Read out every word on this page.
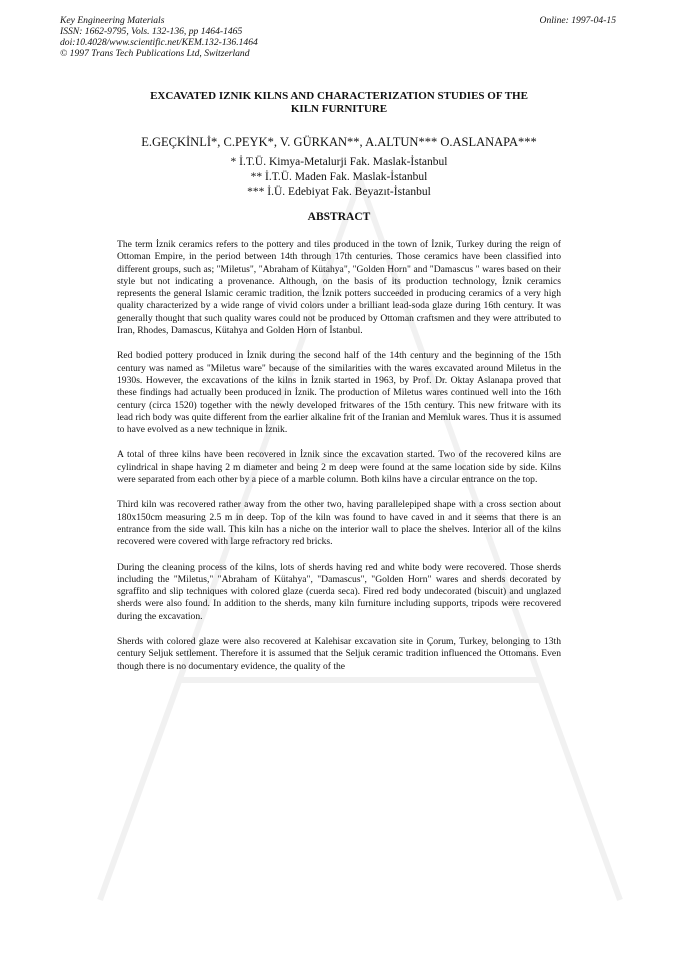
Key Engineering Materials
ISSN: 1662-9795, Vols. 132-136, pp 1464-1465
doi:10.4028/www.scientific.net/KEM.132-136.1464
© 1997 Trans Tech Publications Ltd, Switzerland
Online: 1997-04-15
EXCAVATED IZNIK KILNS AND CHARACTERIZATION STUDIES OF THE
KILN FURNITURE
E.GEÇKİNLİ*, C.PEYK*, V. GÜRKAN**, A.ALTUN*** O.ASLANAPA***
* İ.T.Ü. Kimya-Metalurji Fak. Maslak-İstanbul
** İ.T.Ü. Maden Fak. Maslak-İstanbul
*** İ.Ü. Edebiyat Fak. Beyazıt-İstanbul
ABSTRACT

The term İznik ceramics refers to the pottery and tiles produced in the town of İznik, Turkey during the reign of Ottoman Empire, in the period between 14th through 17th centuries. Those ceramics have been classified into different groups, such as; "Miletus", "Abraham of Kütahya", "Golden Horn" and "Damascus " wares based on their style but not indicating a provenance. Although, on the basis of its production technology, İznik ceramics represents the general Islamic ceramic tradition, the İznik potters succeeded in producing ceramics of a very high quality characterized by a wide range of vivid colors under a brilliant lead-soda glaze during 16th century. It was generally thought that such quality wares could not be produced by Ottoman craftsmen and they were attributed to Iran, Rhodes, Damascus, Kütahya and Golden Horn of İstanbul.

Red bodied pottery produced in İznik during the second half of the 14th century and the beginning of the 15th century was named as "Miletus ware" because of the similarities with the wares excavated around Miletus in the 1930s. However, the excavations of the kilns in İznik started in 1963, by Prof. Dr. Oktay Aslanapa proved that these findings had actually been produced in İznik. The production of Miletus wares continued well into the 16th century (circa 1520) together with the newly developed fritwares of the 15th century. This new fritware with its lead rich body was quite different from the earlier alkaline frit of the Iranian and Memluk wares. Thus it is assumed to have evolved as a new technique in İznik.

A total of three kilns have been recovered in İznik since the excavation started. Two of the recovered kilns are cylindrical in shape having 2 m diameter and being 2 m deep were found at the same location side by side. Kilns were separated from each other by a piece of a marble column. Both kilns have a circular entrance on the top.

Third kiln was recovered rather away from the other two, having parallelepiped shape with a cross section about 180x150cm measuring 2.5 m in deep. Top of the kiln was found to have caved in and it seems that there is an entrance from the side wall. This kiln has a niche on the interior wall to place the shelves. Interior all of the kilns recovered were covered with large refractory red bricks.

During the cleaning process of the kilns, lots of sherds having red and white body were recovered. Those sherds including the "Miletus," "Abraham of Kütahya", "Damascus", "Golden Horn" wares and sherds decorated by sgraffito and slip techniques with colored glaze (cuerda seca). Fired red body undecorated (biscuit) and unglazed sherds were also found. In addition to the sherds, many kiln furniture including supports, tripods were recovered during the excavation.

Sherds with colored glaze were also recovered at Kalehisar excavation site in Çorum, Turkey, belonging to 13th century Seljuk settlement. Therefore it is assumed that the Seljuk ceramic tradition influenced the Ottomans. Even though there is no documentary evidence, the quality of the
